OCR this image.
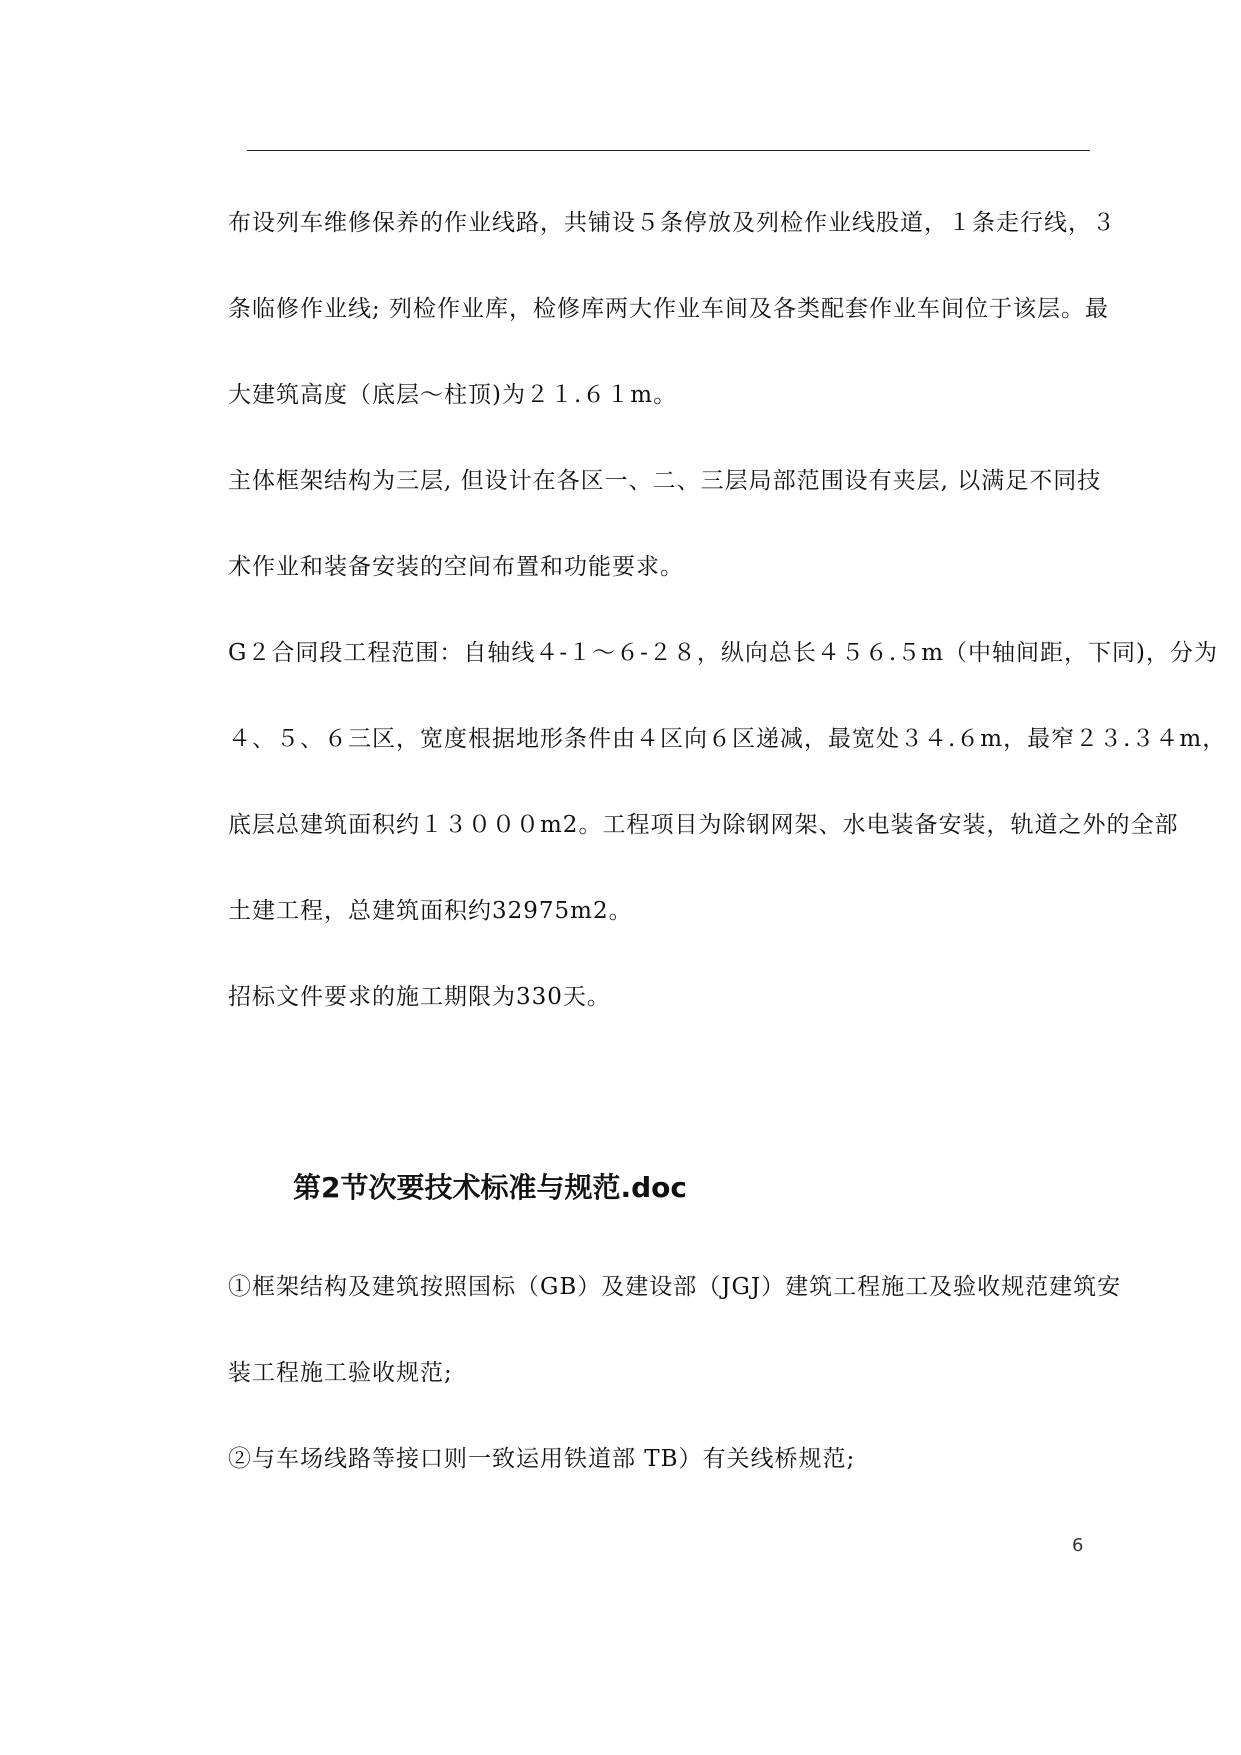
布设列车维修保养的作业线路，共铺设５条停放及列检作业线股道，１条走行线，３
条临修作业线; 列检作业库，检修库两大作业车间及各类配套作业车间位于该层。最
大建筑高度（底层～柱顶)为２１.６１m。
主体框架结构为三层, 但设计在各区一、二、三层局部范围设有夹层, 以满足不同技
术作业和装备安装的空间布置和功能要求。
G２合同段工程范围：自轴线４-１～６-２８，纵向总长４５６.５m（中轴间距，下同)，分为
４、５、６三区，宽度根据地形条件由４区向６区递减，最宽处３４.６m，最窄２３.３４m，
底层总建筑面积约１３０００m2。工程项目为除钢网架、水电装备安装，轨道之外的全部
土建工程，总建筑面积约32975m2。
招标文件要求的施工期限为330天。
第2节次要技术标准与规范.doc
①框架结构及建筑按照国标（GB）及建设部（JGJ）建筑工程施工及验收规范建筑安
装工程施工验收规范;
②与车场线路等接口则一致运用铁道部 TB）有关线桥规范;
6
